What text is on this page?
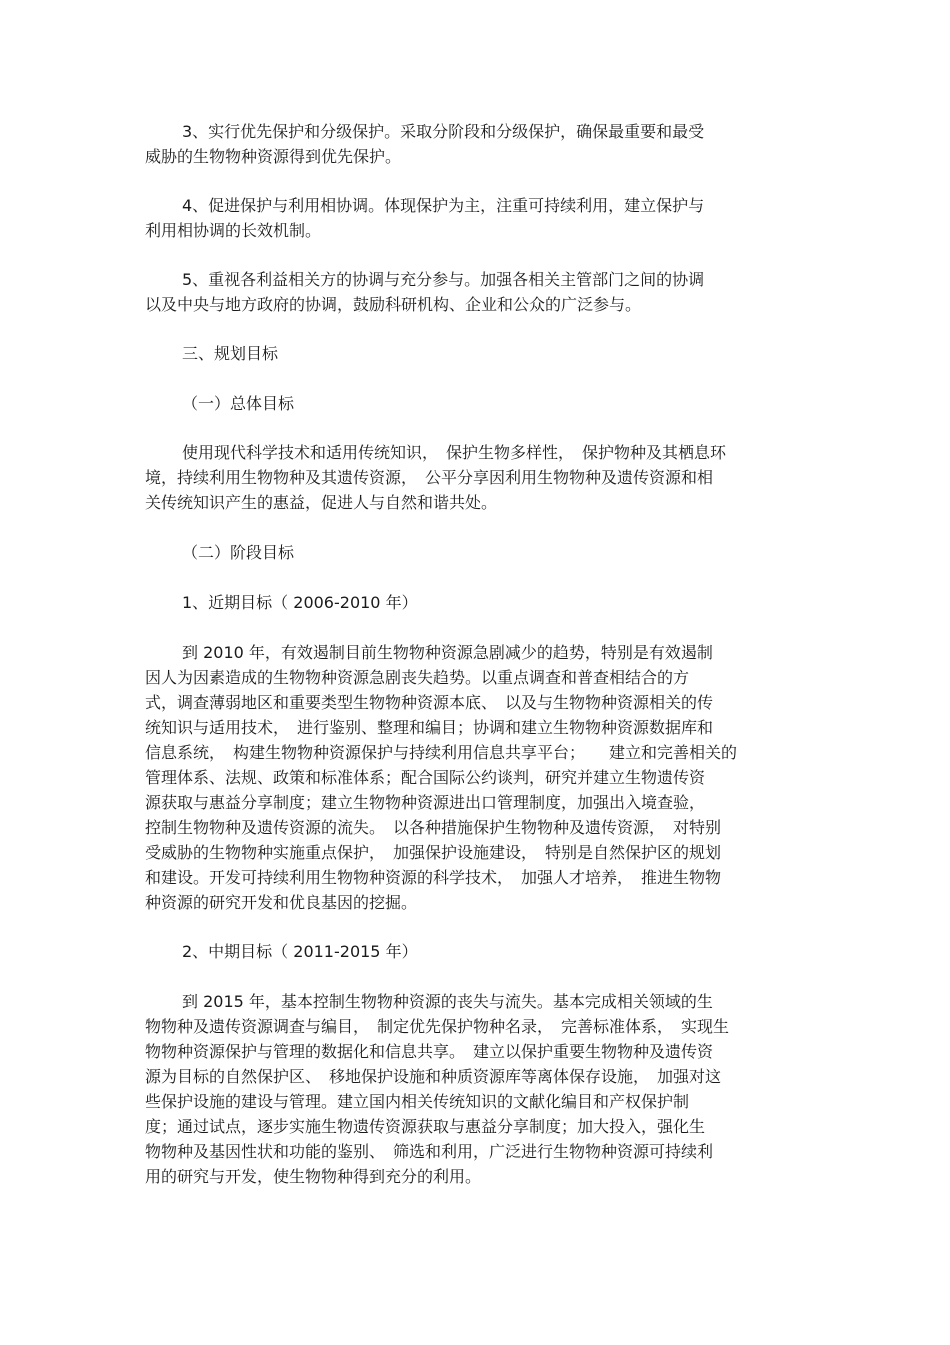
3、实行优先保护和分级保护。采取分阶段和分级保护，确保最重要和最受
威胁的生物物种资源得到优先保护。
4、促进保护与利用相协调。体现保护为主，注重可持续利用，建立保护与
利用相协调的长效机制。
5、重视各利益相关方的协调与充分参与。加强各相关主管部门之间的协调
以及中央与地方政府的协调，鼓励科研机构、企业和公众的广泛参与。
三、规划目标
（一）总体目标
使用现代科学技术和适用传统知识，　保护生物多样性，　保护物种及其栖息环
境，持续利用生物物种及其遗传资源，　公平分享因利用生物物种及遗传资源和相
关传统知识产生的惠益，促进人与自然和谐共处。
（二）阶段目标
1、近期目标（ 2006-2010 年）
到 2010 年，有效遏制目前生物物种资源急剧减少的趋势，特别是有效遏制
因人为因素造成的生物物种资源急剧丧失趋势。以重点调查和普查相结合的方
式，调查薄弱地区和重要类型生物物种资源本底、　以及与生物物种资源相关的传
统知识与适用技术，　进行鉴别、整理和编目；协调和建立生物物种资源数据库和
信息系统，　构建生物物种资源保护与持续利用信息共享平台；　　建立和完善相关的
管理体系、法规、政策和标准体系；配合国际公约谈判，研究并建立生物遗传资
源获取与惠益分享制度；建立生物物种资源进出口管理制度，加强出入境查验，
控制生物物种及遗传资源的流失。　以各种措施保护生物物种及遗传资源，　对特别
受威胁的生物物种实施重点保护，　加强保护设施建设，　特别是自然保护区的规划
和建设。开发可持续利用生物物种资源的科学技术，　加强人才培养，　推进生物物
种资源的研究开发和优良基因的挖掘。
2、中期目标（ 2011-2015 年）
到 2015 年，基本控制生物物种资源的丧失与流失。基本完成相关领域的生
物物种及遗传资源调查与编目，　制定优先保护物种名录，　完善标准体系，　实现生
物物种资源保护与管理的数据化和信息共享。　建立以保护重要生物物种及遗传资
源为目标的自然保护区、　移地保护设施和种质资源库等离体保存设施，　加强对这
些保护设施的建设与管理。建立国内相关传统知识的文献化编目和产权保护制
度；通过试点，逐步实施生物遗传资源获取与惠益分享制度；加大投入，强化生
物物种及基因性状和功能的鉴别、　筛选和利用，广泛进行生物物种资源可持续利
用的研究与开发，使生物物种得到充分的利用。
